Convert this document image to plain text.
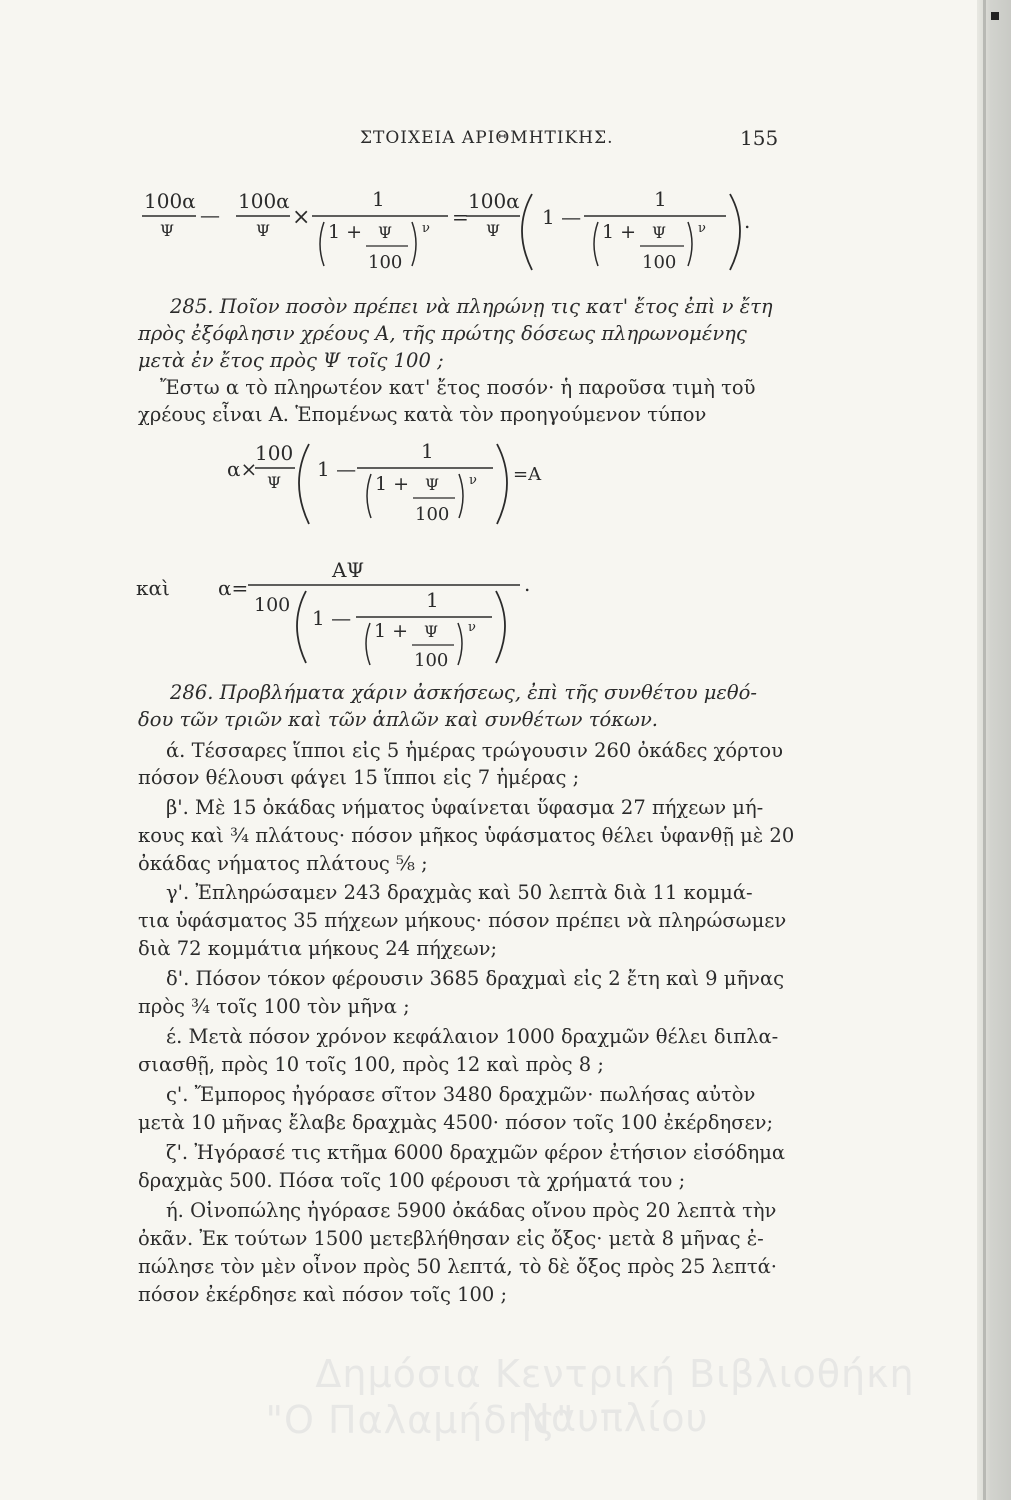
ΣΤΟΙΧΕΙΑ ΑΡΙΘΜΗΤΙΚΗΣ.	155
100α
Ψ
—
100α
Ψ
×
1
1 + Ψ
100
ν =
100α
Ψ
1 —
1
1 + Ψ
100
ν .
285. Ποῖον ποσὸν πρέπει νὰ πληρώνῃ τις κατ' ἔτος ἐπὶ ν ἔτη
πρὸς ἐξόφλησιν χρέους Α, τῆς πρώτης δόσεως πληρωνομένης
μετὰ ἐν ἔτος πρὸς Ψ τοῖς 100 ;
Ἔστω α τὸ πληρωτέον κατ' ἔτος ποσόν· ἡ παροῦσα τιμὴ τοῦ
χρέους εἶναι Α. Ἑπομένως κατὰ τὸν προηγούμενον τύπον
α×
100
Ψ
1 —
1
1 + Ψ
100
ν =A
καὶ α=
ΑΨ
.
100
1 —
1
1 + Ψ
100
ν
286. Προβλήματα χάριν ἀσκήσεως, ἐπὶ τῆς συνθέτου μεθό-
δου τῶν τριῶν καὶ τῶν ἁπλῶν καὶ συνθέτων τόκων.
ά. Τέσσαρες ἵπποι εἰς 5 ἡμέρας τρώγουσιν 260 ὀκάδες χόρτου
πόσον θέλουσι φάγει 15 ἵπποι εἰς 7 ἡμέρας ;
β'. Μὲ 15 ὀκάδας νήματος ὑφαίνεται ὕφασμα 27 πήχεων μή-
κους καὶ ¾ πλάτους· πόσον μῆκος ὑφάσματος θέλει ὑφανθῇ μὲ 20
ὀκάδας νήματος πλάτους ⅝ ;
γ'. Ἐπληρώσαμεν 243 δραχμὰς καὶ 50 λεπτὰ διὰ 11 κομμά-
τια ὑφάσματος 35 πήχεων μήκους· πόσον πρέπει νὰ πληρώσωμεν
διὰ 72 κομμάτια μήκους 24 πήχεων;
δ'. Πόσον τόκον φέρουσιν 3685 δραχμαὶ εἰς 2 ἔτη καὶ 9 μῆνας
πρὸς ¾ τοῖς 100 τὸν μῆνα ;
έ. Μετὰ πόσον χρόνον κεφάλαιον 1000 δραχμῶν θέλει διπλα-
σιασθῇ, πρὸς 10 τοῖς 100, πρὸς 12 καὶ πρὸς 8 ;
ς'. Ἔμπορος ἠγόρασε σῖτον 3480 δραχμῶν· πωλήσας αὐτὸν
μετὰ 10 μῆνας ἔλαβε δραχμὰς 4500· πόσον τοῖς 100 ἐκέρδησεν;
ζ'. Ἠγόρασέ τις κτῆμα 6000 δραχμῶν φέρον ἐτήσιον εἰσόδημα
δραχμὰς 500. Πόσα τοῖς 100 φέρουσι τὰ χρήματά του ;
ή. Οἰνοπώλης ἠγόρασε 5900 ὀκάδας οἴνου πρὸς 20 λεπτὰ τὴν
ὀκᾶν. Ἐκ τούτων 1500 μετεβλήθησαν εἰς ὄξος· μετὰ 8 μῆνας ἐ-
πώλησε τὸν μὲν οἶνον πρὸς 50 λεπτά, τὸ δὲ ὄξος πρὸς 25 λεπτά·
πόσον ἐκέρδησε καὶ πόσον τοῖς 100 ;
Δημόσια Κεντρική Βιβλιοθήκη Ναυπλίου
"Ο Παλαμήδης"
